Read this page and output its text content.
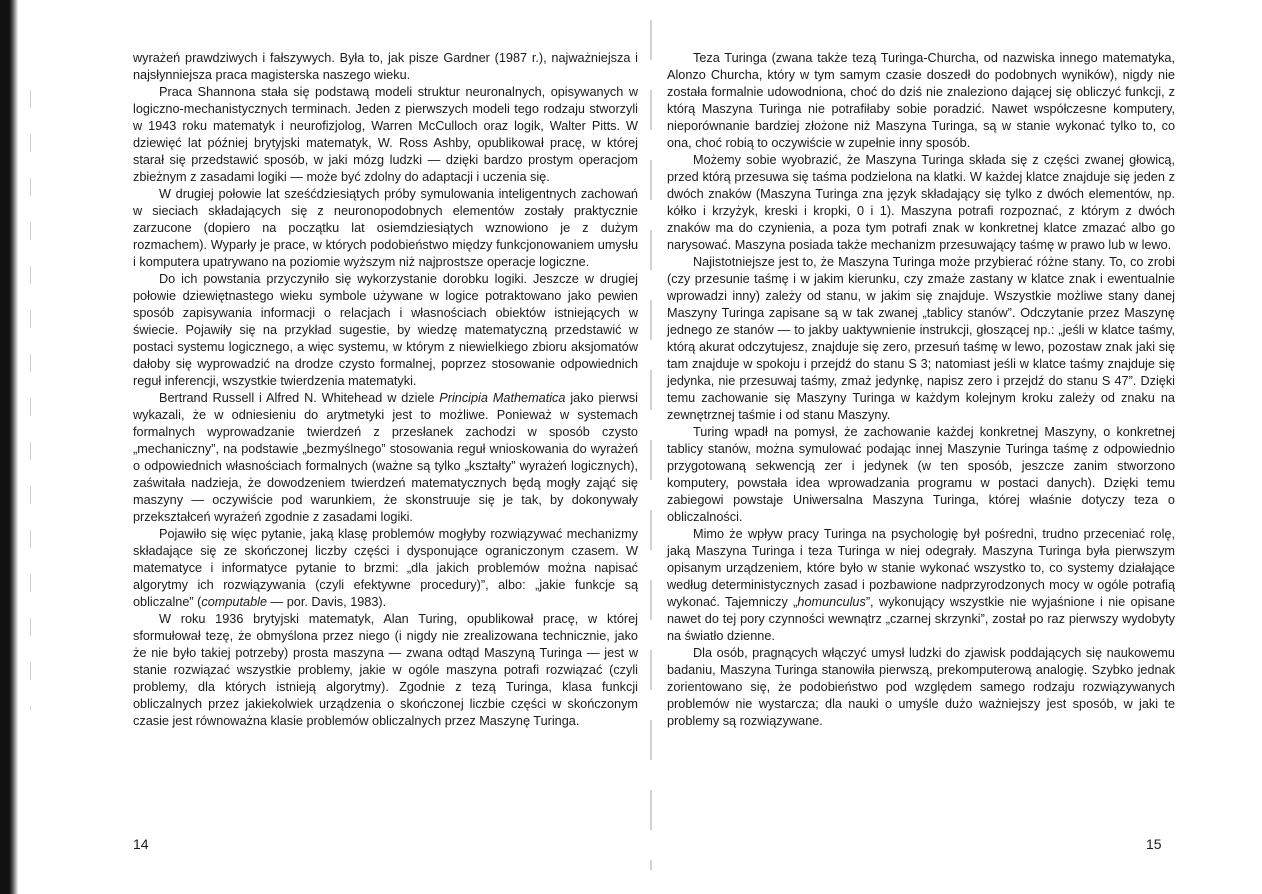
wyrażeń prawdziwych i fałszywych. Była to, jak pisze Gardner (1987 r.), najważniejsza i najsłynniejsza praca magisterska naszego wieku.

Praca Shannona stała się podstawą modeli struktur neuronalnych, opisywanych w logiczno-mechanistycznych terminach. Jeden z pierwszych modeli tego rodzaju stworzyli w 1943 roku matematyk i neurofizjolog, Warren McCulloch oraz logik, Walter Pitts. W dziewięć lat później brytyjski matematyk, W. Ross Ashby, opublikował pracę, w której starał się przedstawić sposób, w jaki mózg ludzki — dzięki bardzo prostym operacjom zbieżnym z zasadami logiki — może być zdolny do adaptacji i uczenia się.

W drugiej połowie lat sześćdziesiątych próby symulowania inteligentnych zachowań w sieciach składających się z neuronopodobnych elementów zostały praktycznie zarzucone (dopiero na początku lat osiemdziesiątych wznowiono je z dużym rozmachem). Wyparły je prace, w których podobieństwo między funkcjonowaniem umysłu i komputera upatrywano na poziomie wyższym niż najprostsze operacje logiczne.

Do ich powstania przyczyniło się wykorzystanie dorobku logiki. Jeszcze w drugiej połowie dziewiętnastego wieku symbole używane w logice potraktowano jako pewien sposób zapisywania informacji o relacjach i własnościach obiektów istniejących w świecie. Pojawiły się na przykład sugestie, by wiedzę matematyczną przedstawić w postaci systemu logicznego, a więc systemu, w którym z niewielkiego zbioru aksjomatów dałoby się wyprowadzić na drodze czysto formalnej, poprzez stosowanie odpowiednich reguł inferencji, wszystkie twierdzenia matematyki.

Bertrand Russell i Alfred N. Whitehead w dziele Principia Mathematica jako pierwsi wykazali, że w odniesieniu do arytmetyki jest to możliwe. Ponieważ w systemach formalnych wyprowadzanie twierdzeń z przesłanek zachodzi w sposób czysto „mechaniczny”, na podstawie „bezmyślnego” stosowania reguł wnioskowania do wyrażeń o odpowiednich własnościach formalnych (ważne są tylko „kształty” wyrażeń logicznych), zaświtała nadzieja, że dowodzeniem twierdzeń matematycznych będą mogły zająć się maszyny — oczywiście pod warunkiem, że skonstruuje się je tak, by dokonywały przekształceń wyrażeń zgodnie z zasadami logiki.

Pojawiło się więc pytanie, jaką klasę problemów mogłyby rozwiązywać mechanizmy składające się ze skończonej liczby części i dysponujące ograniczonym czasem. W matematyce i informatyce pytanie to brzmi: „dla jakich problemów można napisać algorytmy ich rozwiązywania (czyli efektywne procedury)”, albo: „jakie funkcje są obliczalne” (computable — por. Davis, 1983).

W roku 1936 brytyjski matematyk, Alan Turing, opublikował pracę, w której sformułował tezę, że obmyślona przez niego (i nigdy nie zrealizowana technicznie, jako że nie było takiej potrzeby) prosta maszyna — zwana odtąd Maszyną Turinga — jest w stanie rozwiązać wszystkie problemy, jakie w ogóle maszyna potrafi rozwiązać (czyli problemy, dla których istnieją algorytmy). Zgodnie z tezą Turinga, klasa funkcji obliczalnych przez jakiekolwiek urządzenia o skończonej liczbie części w skończonym czasie jest równoważna klasie problemów obliczalnych przez Maszynę Turinga.

Teza Turinga (zwana także tezą Turinga-Churcha, od nazwiska innego matematyka, Alonzo Churcha, który w tym samym czasie doszedł do podobnych wyników), nigdy nie została formalnie udowodniona, choć do dziś nie znaleziono dającej się obliczyć funkcji, z którą Maszyna Turinga nie potrafiłaby sobie poradzić. Nawet współczesne komputery, nieporównanie bardziej złożone niż Maszyna Turinga, są w stanie wykonać tylko to, co ona, choć robią to oczywiście w zupełnie inny sposób.

Możemy sobie wyobrazić, że Maszyna Turinga składa się z części zwanej głowicą, przed którą przesuwa się taśma podzielona na klatki. W każdej klatce znajduje się jeden z dwóch znaków (Maszyna Turinga zna język składający się tylko z dwóch elementów, np. kółko i krzyżyk, kreski i kropki, 0 i 1). Maszyna potrafi rozpoznać, z którym z dwóch znaków ma do czynienia, a poza tym potrafi znak w konkretnej klatce zmazać albo go narysować. Maszyna posiada także mechanizm przesuwający taśmę w prawo lub w lewo.

Najistotniejsze jest to, że Maszyna Turinga może przybierać różne stany. To, co zrobi (czy przesunie taśmę i w jakim kierunku, czy zmaże zastany w klatce znak i ewentualnie wprowadzi inny) zależy od stanu, w jakim się znajduje. Wszystkie możliwe stany danej Maszyny Turinga zapisane są w tak zwanej „tablicy stanów”. Odczytanie przez Maszynę jednego ze stanów — to jakby uaktywnienie instrukcji, głoszącej np.: „jeśli w klatce taśmy, którą akurat odczytujesz, znajduje się zero, przesuń taśmę w lewo, pozostaw znak jaki się tam znajduje w spokoju i przejdź do stanu S 3; natomiast jeśli w klatce taśmy znajduje się jedynka, nie przesuwaj taśmy, zmaż jedynkę, napisz zero i przejdź do stanu S 47”. Dzięki temu zachowanie się Maszyny Turinga w każdym kolejnym kroku zależy od znaku na zewnętrznej taśmie i od stanu Maszyny.

Turing wpadł na pomysł, że zachowanie każdej konkretnej Maszyny, o konkretnej tablicy stanów, można symulować podając innej Maszynie Turinga taśmę z odpowiednio przygotowaną sekwencją zer i jedynek (w ten sposób, jeszcze zanim stworzono komputery, powstała idea wprowadzania programu w postaci danych). Dzięki temu zabiegowi powstaje Uniwersalna Maszyna Turinga, której właśnie dotyczy teza o obliczalności.

Mimo że wpływ pracy Turinga na psychologię był pośredni, trudno przeceniać rolę, jaką Maszyna Turinga i teza Turinga w niej odegrały. Maszyna Turinga była pierwszym opisanym urządzeniem, które było w stanie wykonać wszystko to, co systemy działające według deterministycznych zasad i pozbawione nadprzyrodzonych mocy w ogóle potrafią wykonać. Tajemniczy „homunculus”, wykonujący wszystkie nie wyjaśnione i nie opisane nawet do tej pory czynności wewnątrz „czarnej skrzynki”, został po raz pierwszy wydobyty na światło dzienne.

Dla osób, pragnących włączyć umysł ludzki do zjawisk poddających się naukowemu badaniu, Maszyna Turinga stanowiła pierwszą, prekomputerową analogię. Szybko jednak zorientowano się, że podobieństwo pod względem samego rodzaju rozwiązywanych problemów nie wystarcza; dla nauki o umyśle dużo ważniejszy jest sposób, w jaki te problemy są rozwiązywane.

14	15
